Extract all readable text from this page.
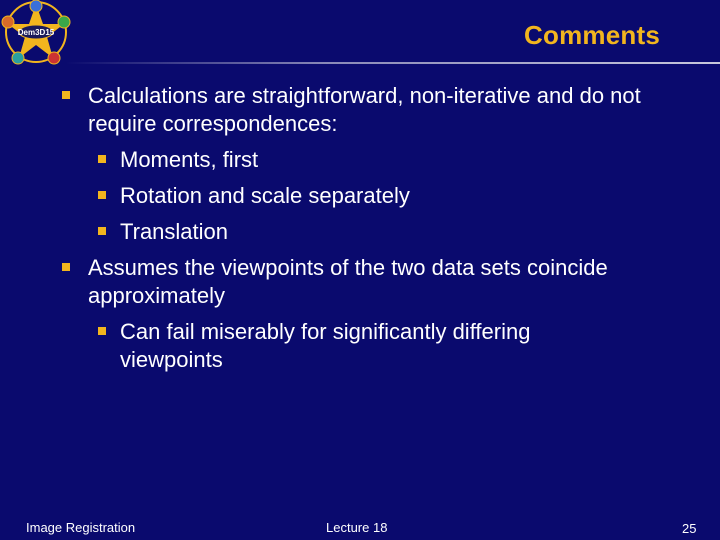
Dem3D15	Comments
Calculations are straightforward, non-iterative and do not require correspondences:
Moments, first
Rotation and scale separately
Translation
Assumes the viewpoints of the two data sets coincide approximately
Can fail miserably for significantly differing viewpoints
Image Registration	Lecture 18	25
